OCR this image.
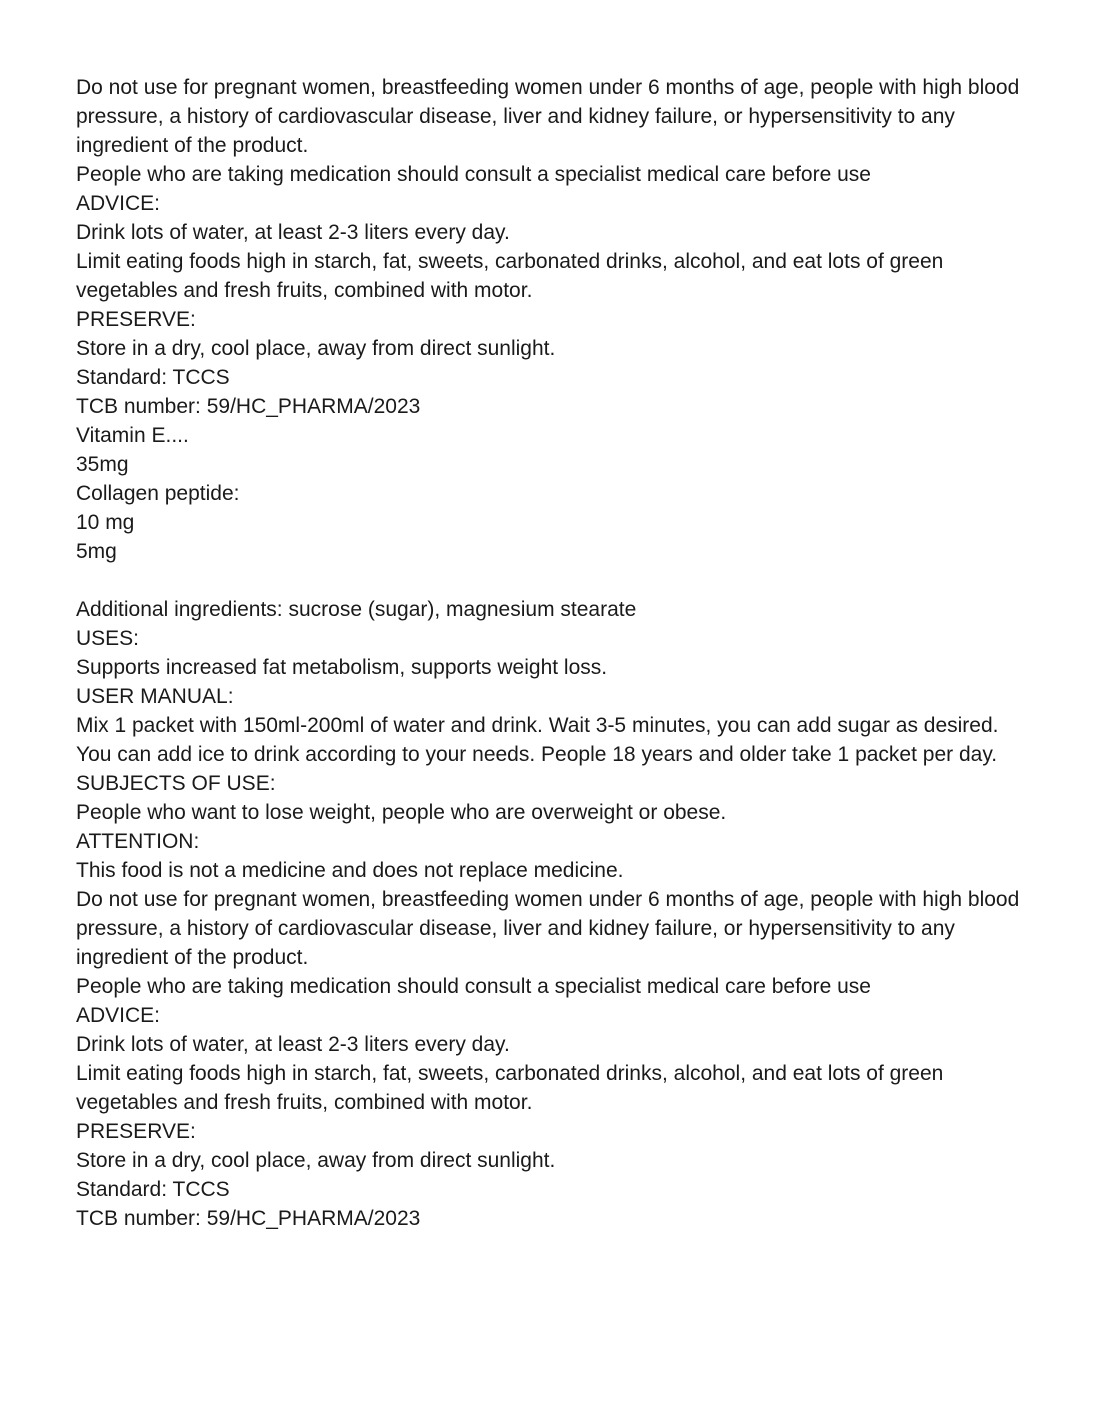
Do not use for pregnant women, breastfeeding women under 6 months of age, people with high blood pressure, a history of cardiovascular disease, liver and kidney failure, or hypersensitivity to any ingredient of the product.

People who are taking medication should consult a specialist medical care before use

ADVICE:

Drink lots of water, at least 2-3 liters every day.

Limit eating foods high in starch, fat, sweets, carbonated drinks, alcohol, and eat lots of green vegetables and fresh fruits, combined with motor.

PRESERVE:

Store in a dry, cool place, away from direct sunlight.

Standard: TCCS

TCB number: 59/HC_PHARMA/2023

Vitamin E....

35mg

Collagen peptide:

10 mg

5mg

Additional ingredients: sucrose (sugar), magnesium stearate

USES:

Supports increased fat metabolism, supports weight loss.

USER MANUAL:

Mix 1 packet with 150ml-200ml of water and drink. Wait 3-5 minutes, you can add sugar as desired. You can add ice to drink according to your needs. People 18 years and older take 1 packet per day.

SUBJECTS OF USE:

People who want to lose weight, people who are overweight or obese.

ATTENTION:

This food is not a medicine and does not replace medicine.

Do not use for pregnant women, breastfeeding women under 6 months of age, people with high blood pressure, a history of cardiovascular disease, liver and kidney failure, or hypersensitivity to any ingredient of the product.

People who are taking medication should consult a specialist medical care before use

ADVICE:

Drink lots of water, at least 2-3 liters every day.

Limit eating foods high in starch, fat, sweets, carbonated drinks, alcohol, and eat lots of green vegetables and fresh fruits, combined with motor.

PRESERVE:

Store in a dry, cool place, away from direct sunlight.

Standard: TCCS

TCB number: 59/HC_PHARMA/2023
